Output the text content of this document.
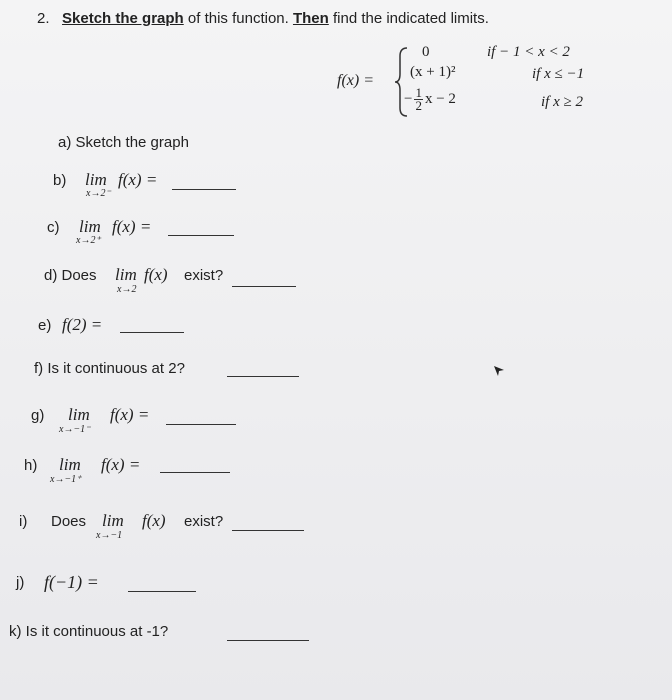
2. Sketch the graph of this function. Then find the indicated limits.
f(x) =
0
(x + 1)²
− $\frac{1}{2}$ x − 2
if − 1 < x < 2
if x ≤ −1
if x ≥ 2
a) Sketch the graph
b) lim
x→2⁻
f(x) =
c) lim
x→2⁺
f(x) =
d) Does lim
x→2
f(x) exist?
e) f(2) =
f) Is it continuous at 2?
g) lim
x→−1⁻
f(x) =
h) lim
x→−1⁺
f(x) =
i) Does lim
x→−1
f(x) exist?
j) f(−1) =
k) Is it continuous at -1?
